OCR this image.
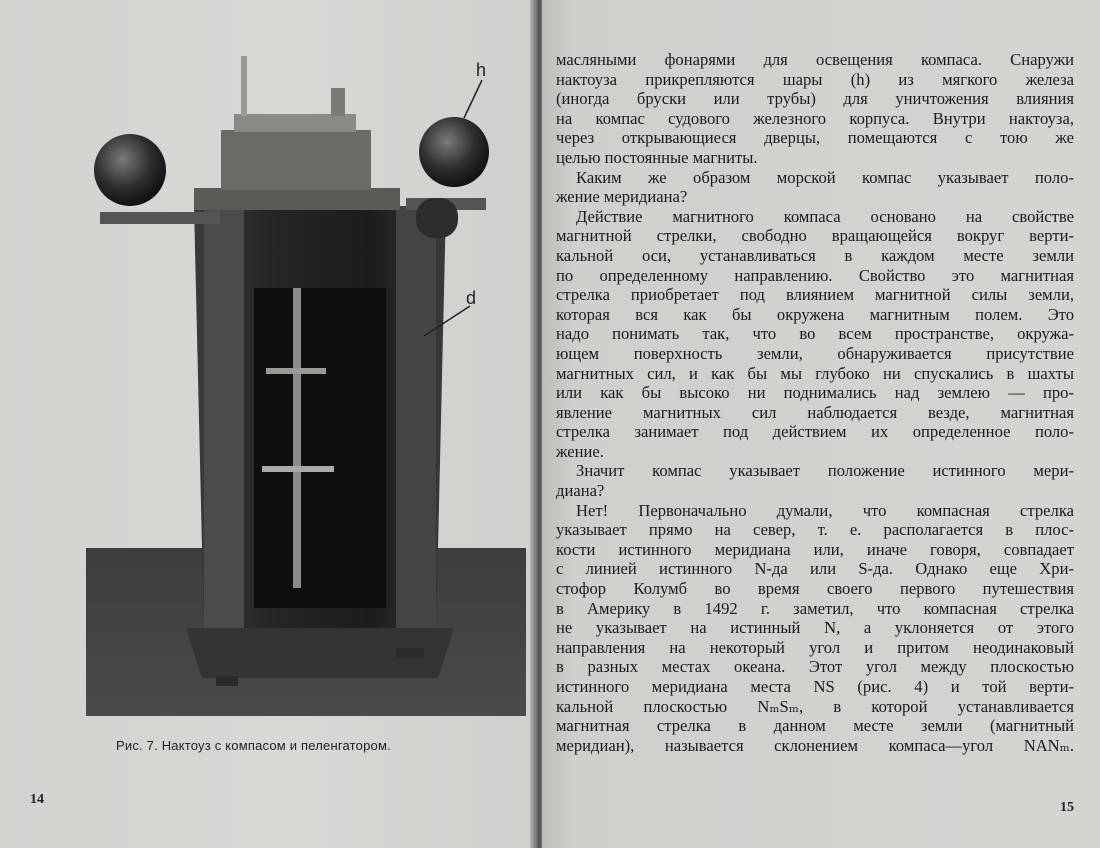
h
d
Рис. 7. Нактоуз с компасом и пеленгатором.
14
15
масляными фонарями для освещения компаса. Снаружи
нактоуза прикрепляются шары (h) из мягкого железа
(иногда бруски или трубы) для уничтожения влияния
на компас судового железного корпуса. Внутри нактоуза,
через открывающиеся дверцы, помещаются с тою же
целью постоянные магниты.
Каким же образом морской компас указывает поло-
жение меридиана?
Действие магнитного компаса основано на свойстве
магнитной стрелки, свободно вращающейся вокруг верти-
кальной оси, устанавливаться в каждом месте земли
по определенному направлению. Свойство это магнитная
стрелка приобретает под влиянием магнитной силы земли,
которая вся как бы окружена магнитным полем. Это
надо понимать так, что во всем пространстве, окружа-
ющем поверхность земли, обнаруживается присутствие
магнитных сил, и как бы мы глубоко ни спускались в шахты
или как бы высоко ни поднимались над землею — про-
явление магнитных сил наблюдается везде, магнитная
стрелка занимает под действием их определенное поло-
жение.
Значит компас указывает положение истинного мери-
диана?
Нет! Первоначально думали, что компасная стрелка
указывает прямо на север, т. е. располагается в плос-
кости истинного меридиана или, иначе говоря, совпадает
с линией истинного N-да или S-да. Однако еще Хри-
стофор Колумб во время своего первого путешествия
в Америку в 1492 г. заметил, что компасная стрелка
не указывает на истинный N, а уклоняется от этого
направления на некоторый угол и притом неодинаковый
в разных местах океана. Этот угол между плоскостью
истинного меридиана места NS (рис. 4) и той верти-
кальной плоскостью NₘSₘ, в которой устанавливается
магнитная стрелка в данном месте земли (магнитный
меридиан), называется склонением компаса—угол NANₘ.
